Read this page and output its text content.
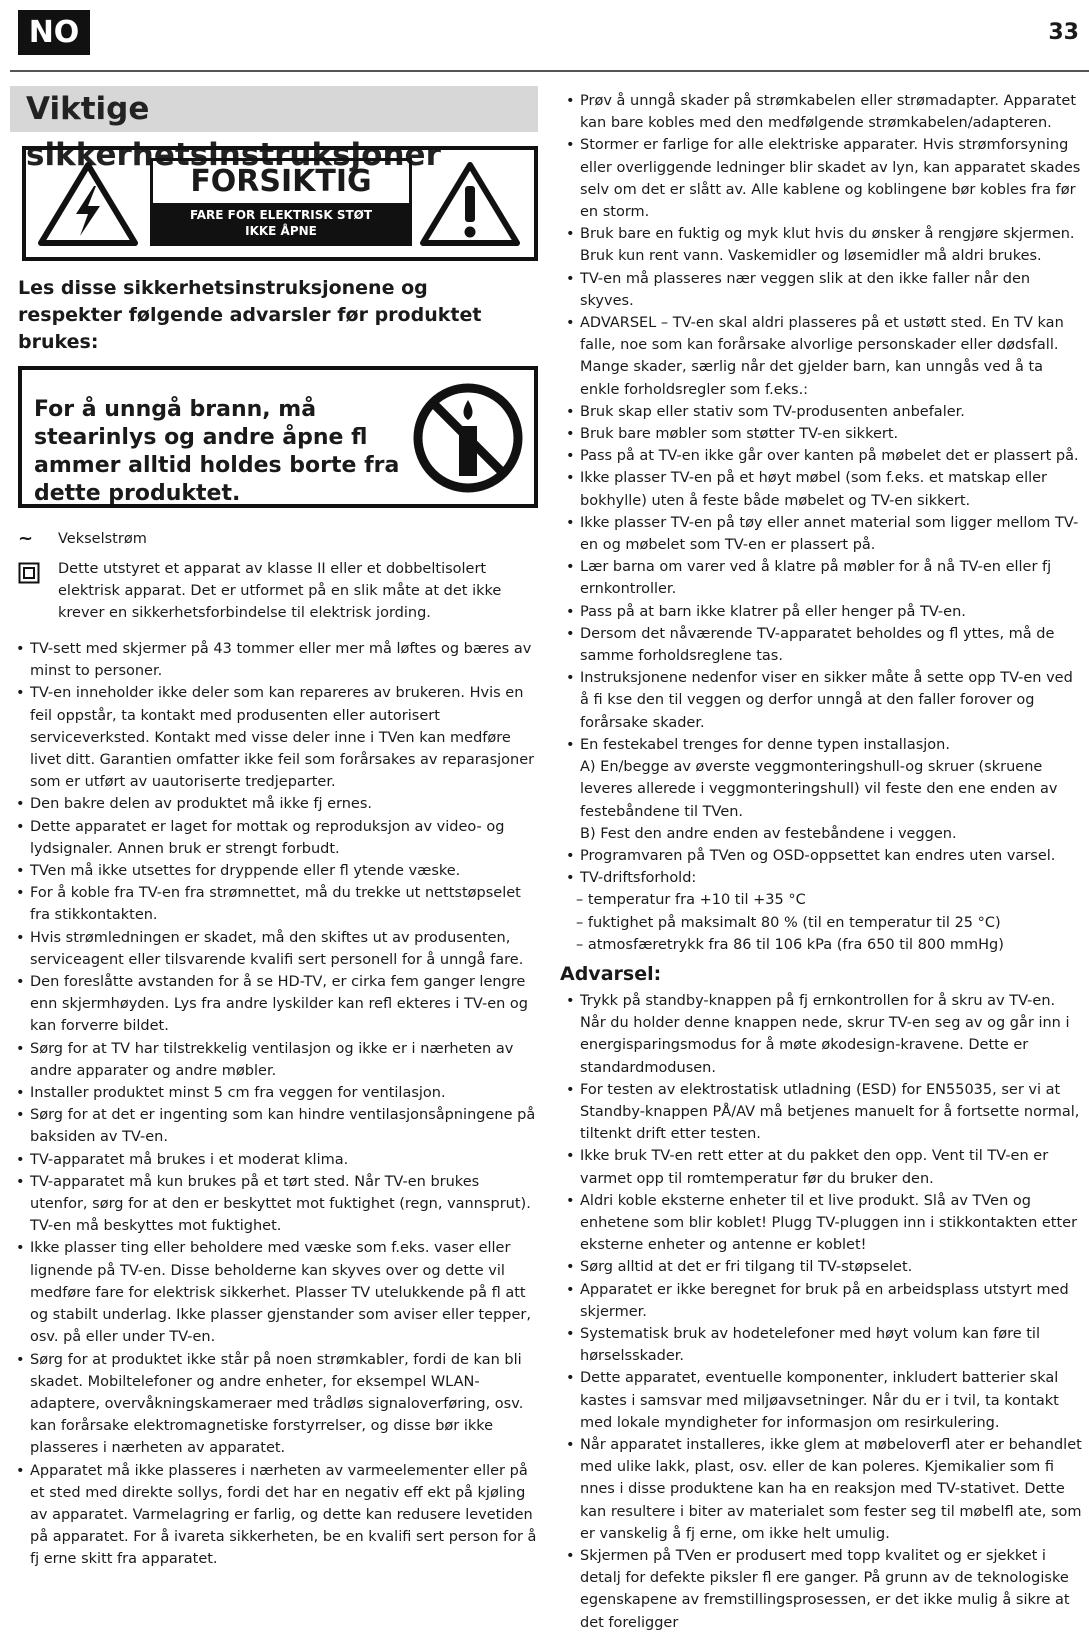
NO	33
Viktige sikkerhetsinstruksjoner
FORSIKTIG
FARE FOR ELEKTRISK STØT
IKKE ÅPNE
Les disse sikkerhetsinstruksjonene og respekter følgende advarsler før produktet brukes:
For å unngå brann, må stearinlys og andre åpne fl ammer alltid holdes borte fra dette produktet.
~ Vekselstrøm
Dette utstyret et apparat av klasse II eller et dobbeltisolert elektrisk apparat. Det er utformet på en slik måte at det ikke krever en sikkerhetsforbindelse til elektrisk jording.
• TV-sett med skjermer på 43 tommer eller mer må løftes og bæres av minst to personer.
• TV-en inneholder ikke deler som kan repareres av brukeren. Hvis en feil oppstår, ta kontakt med produsenten eller autorisert serviceverksted. Kontakt med visse deler inne i TVen kan medføre livet ditt. Garantien omfatter ikke feil som forårsakes av reparasjoner som er utført av uautoriserte tredjeparter.
• Den bakre delen av produktet må ikke fj ernes.
• Dette apparatet er laget for mottak og reproduksjon av video- og lydsignaler. Annen bruk er strengt forbudt.
• TVen må ikke utsettes for dryppende eller fl ytende væske.
• For å koble fra TV-en fra strømnettet, må du trekke ut nettstøpselet fra stikkontakten.
• Hvis strømledningen er skadet, må den skiftes ut av produsenten, serviceagent eller tilsvarende kvalifi sert personell for å unngå fare.
• Den foreslåtte avstanden for å se HD-TV, er cirka fem ganger lengre enn skjermhøyden. Lys fra andre lyskilder kan refl ekteres i TV-en og kan forverre bildet.
• Sørg for at TV har tilstrekkelig ventilasjon og ikke er i nærheten av andre apparater og andre møbler.
• Installer produktet minst 5 cm fra veggen for ventilasjon.
• Sørg for at det er ingenting som kan hindre ventilasjonsåpningene på baksiden av TV-en.
• TV-apparatet må brukes i et moderat klima.
• TV-apparatet må kun brukes på et tørt sted. Når TV-en brukes utenfor, sørg for at den er beskyttet mot fuktighet (regn, vannsprut). TV-en må beskyttes mot fuktighet.
• Ikke plasser ting eller beholdere med væske som f.eks. vaser eller lignende på TV-en. Disse beholderne kan skyves over og dette vil medføre fare for elektrisk sikkerhet. Plasser TV utelukkende på fl att og stabilt underlag. Ikke plasser gjenstander som aviser eller tepper, osv. på eller under TV-en.
• Sørg for at produktet ikke står på noen strømkabler, fordi de kan bli skadet. Mobiltelefoner og andre enheter, for eksempel WLAN-adaptere, overvåkningskameraer med trådløs signaloverføring, osv. kan forårsake elektromagnetiske forstyrrelser, og disse bør ikke plasseres i nærheten av apparatet.
• Apparatet må ikke plasseres i nærheten av varmeelementer eller på et sted med direkte sollys, fordi det har en negativ eff ekt på kjøling av apparatet. Varmelagring er farlig, og dette kan redusere levetiden på apparatet. For å ivareta sikkerheten, be en kvalifi sert person for å fj erne skitt fra apparatet.
• Prøv å unngå skader på strømkabelen eller strømadapter. Apparatet kan bare kobles med den medfølgende strømkabelen/adapteren.
• Stormer er farlige for alle elektriske apparater. Hvis strømforsyning eller overliggende ledninger blir skadet av lyn, kan apparatet skades selv om det er slått av. Alle kablene og koblingene bør kobles fra før en storm.
• Bruk bare en fuktig og myk klut hvis du ønsker å rengjøre skjermen. Bruk kun rent vann. Vaskemidler og løsemidler må aldri brukes.
• TV-en må plasseres nær veggen slik at den ikke faller når den skyves.
• ADVARSEL – TV-en skal aldri plasseres på et ustøtt sted. En TV kan falle, noe som kan forårsake alvorlige personskader eller dødsfall. Mange skader, særlig når det gjelder barn, kan unngås ved å ta enkle forholdsregler som f.eks.:
• Bruk skap eller stativ som TV-produsenten anbefaler.
• Bruk bare møbler som støtter TV-en sikkert.
• Pass på at TV-en ikke går over kanten på møbelet det er plassert på.
• Ikke plasser TV-en på et høyt møbel (som f.eks. et matskap eller bokhylle) uten å feste både møbelet og TV-en sikkert.
• Ikke plasser TV-en på tøy eller annet material som ligger mellom TV-en og møbelet som TV-en er plassert på.
• Lær barna om varer ved å klatre på møbler for å nå TV-en eller fj ernkontroller.
• Pass på at barn ikke klatrer på eller henger på TV-en.
• Dersom det nåværende TV-apparatet beholdes og fl yttes, må de samme forholdsreglene tas.
• Instruksjonene nedenfor viser en sikker måte å sette opp TV-en ved å fi kse den til veggen og derfor unngå at den faller forover og forårsake skader.
• En festekabel trenges for denne typen installasjon.
A) En/begge av øverste veggmonteringshull-og skruer (skruene leveres allerede i veggmonteringshull) vil feste den ene enden av festebåndene til TVen.
B) Fest den andre enden av festebåndene i veggen.
• Programvaren på TVen og OSD-oppsettet kan endres uten varsel.
• TV-driftsforhold:
– temperatur fra +10 til +35 °C
– fuktighet på maksimalt 80 % (til en temperatur til 25 °C)
– atmosfæretrykk fra 86 til 106 kPa (fra 650 til 800 mmHg)
Advarsel:
• Trykk på standby-knappen på fj ernkontrollen for å skru av TV-en. Når du holder denne knappen nede, skrur TV-en seg av og går inn i energisparingsmodus for å møte økodesign-kravene. Dette er standardmodusen.
• For testen av elektrostatisk utladning (ESD) for EN55035, ser vi at Standby-knappen PÅ/AV må betjenes manuelt for å fortsette normal, tiltenkt drift etter testen.
• Ikke bruk TV-en rett etter at du pakket den opp. Vent til TV-en er varmet opp til romtemperatur før du bruker den.
• Aldri koble eksterne enheter til et live produkt. Slå av TVen og enhetene som blir koblet! Plugg TV-pluggen inn i stikkontakten etter eksterne enheter og antenne er koblet!
• Sørg alltid at det er fri tilgang til TV-støpselet.
• Apparatet er ikke beregnet for bruk på en arbeidsplass utstyrt med skjermer.
• Systematisk bruk av hodetelefoner med høyt volum kan føre til hørselsskader.
• Dette apparatet, eventuelle komponenter, inkludert batterier skal kastes i samsvar med miljøavsetninger. Når du er i tvil, ta kontakt med lokale myndigheter for informasjon om resirkulering.
• Når apparatet installeres, ikke glem at møbeloverfl ater er behandlet med ulike lakk, plast, osv. eller de kan poleres. Kjemikalier som fi nnes i disse produktene kan ha en reaksjon med TV-stativet. Dette kan resultere i biter av materialet som fester seg til møbelfl ate, som er vanskelig å fj erne, om ikke helt umulig.
• Skjermen på TVen er produsert med topp kvalitet og er sjekket i detalj for defekte piksler fl ere ganger. På grunn av de teknologiske egenskapene av fremstillingsprosessen, er det ikke mulig å sikre at det foreligger
